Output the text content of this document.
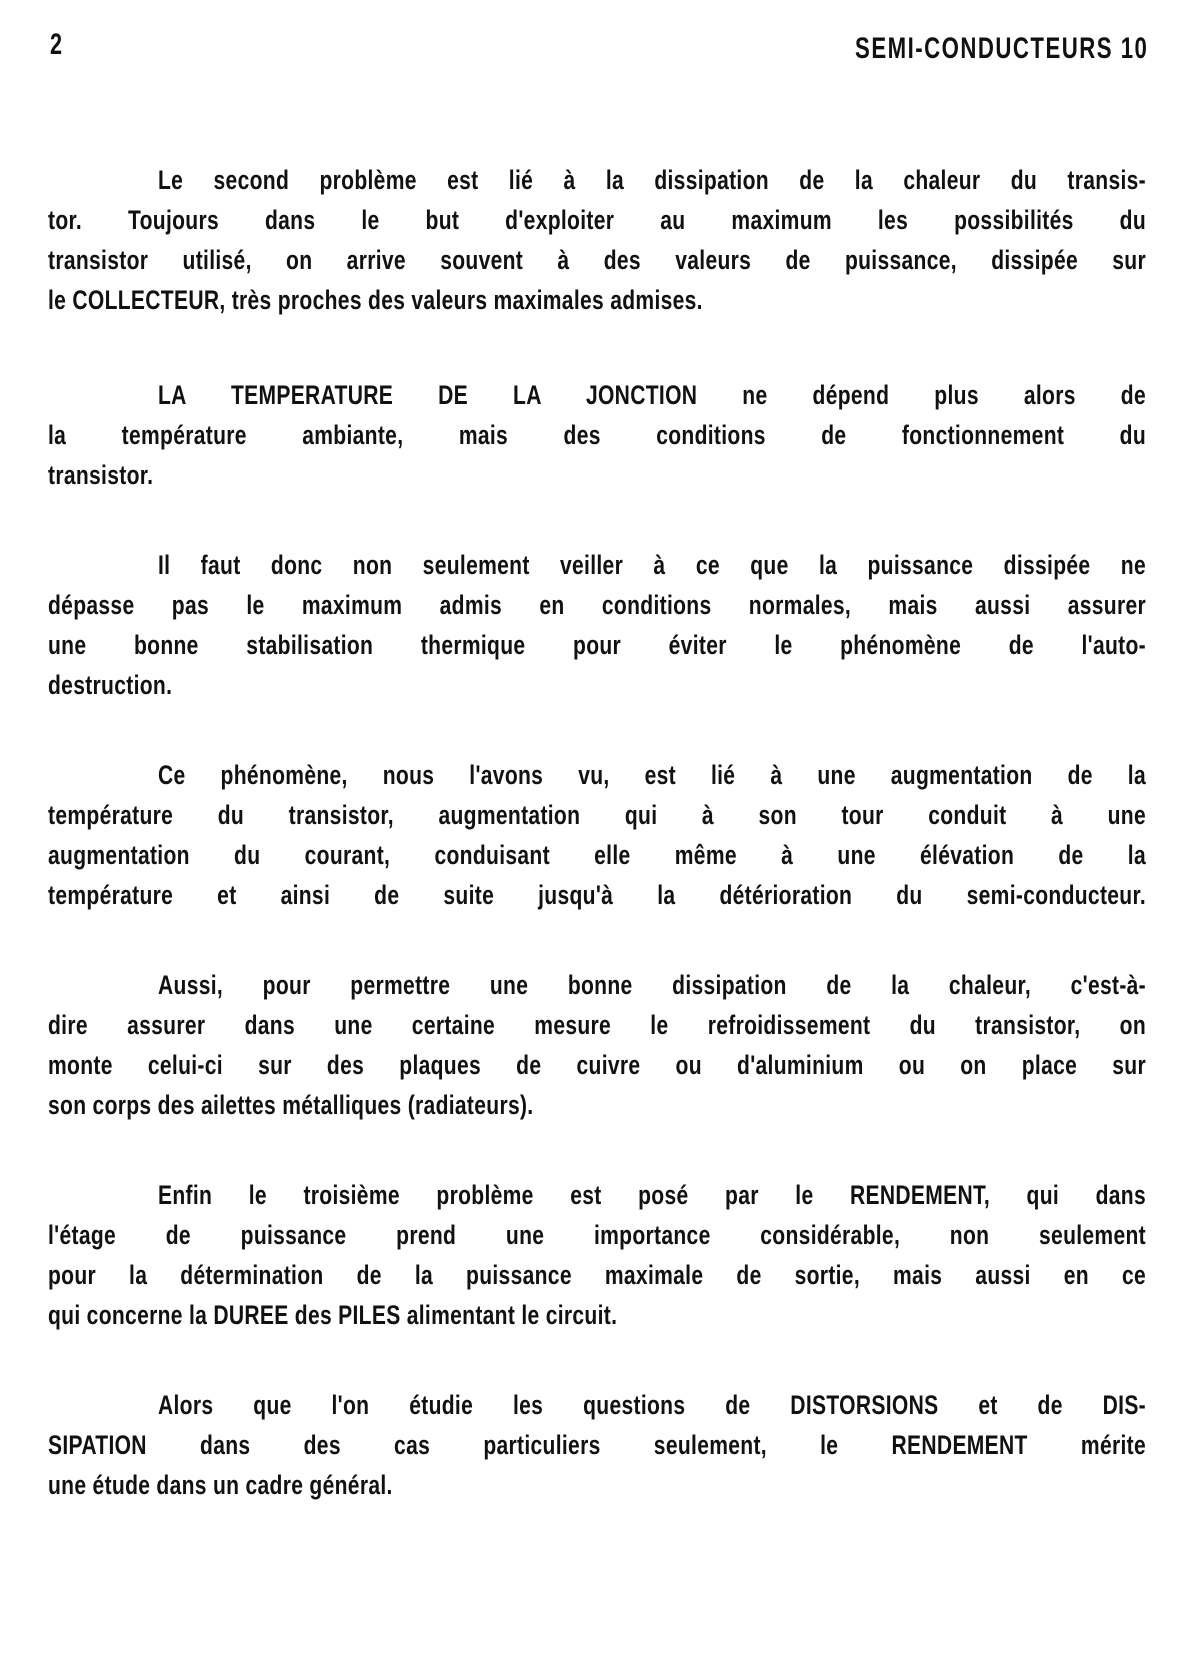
2	SEMI-CONDUCTEURS 10
Le second problème est lié à la dissipation de la chaleur du transis-
tor. Toujours dans le but d'exploiter au maximum les possibilités du
transistor utilisé, on arrive souvent à des valeurs de puissance, dissipée sur
le COLLECTEUR, très proches des valeurs maximales admises.
LA TEMPERATURE DE LA JONCTION ne dépend plus alors de
la température ambiante, mais des conditions de fonctionnement du
transistor.
Il faut donc non seulement veiller à ce que la puissance dissipée ne
dépasse pas le maximum admis en conditions normales, mais aussi assurer
une bonne stabilisation thermique pour éviter le phénomène de l'auto-
destruction.
Ce phénomène, nous l'avons vu, est lié à une augmentation de la
température du transistor, augmentation qui à son tour conduit à une
augmentation du courant, conduisant elle même à une élévation de la
température et ainsi de suite jusqu'à la détérioration du semi-conducteur.
Aussi, pour permettre une bonne dissipation de la chaleur, c'est-à-
dire assurer dans une certaine mesure le refroidissement du transistor, on
monte celui-ci sur des plaques de cuivre ou d'aluminium ou on place sur
son corps des ailettes métalliques (radiateurs).
Enfin le troisième problème est posé par le RENDEMENT, qui dans
l'étage de puissance prend une importance considérable, non seulement
pour la détermination de la puissance maximale de sortie, mais aussi en ce
qui concerne la DUREE des PILES alimentant le circuit.
Alors que l'on étudie les questions de DISTORSIONS et de DIS-
SIPATION dans des cas particuliers seulement, le RENDEMENT mérite
une étude dans un cadre général.
